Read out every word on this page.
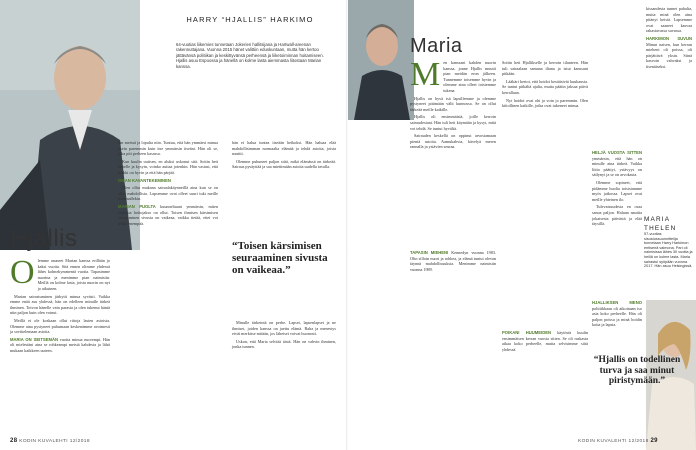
HARRY “HJALLIS” HARKIMO
64-vuotias liikemies tunnetaan Jokerien hallitsijana ja Hartwall-areenan rakennuttajana. Vuonna 2015 hänet valittiin eduskuntaan, mutta hän kertoo jättävänsä politiikan ja keskittyvänsä perheensä ja liiketoiminnan hoitamiseen. Hjallis asuu Espoossa ja hänellä on kolme lasta aiemmasta liitostaan Marian kanssa.

Olemme asuneet Marian kanssa erillään jo kaksi vuotta. Sitä ennen olimme yhdessä lähes kolmekymmentä vuotta. Tapasimme nuorina ja menimme pian naimisiin. Meillä on kolme lasta, joista nuorin on nyt jo aikuinen.

Marian sairastuminen järkytti minua syvästi. Vaikka emme enää asu yhdessä, hän on edelleen minulle tärkeä ihminen. Toivon hänelle vain parasta ja olen tukenut häntä niin paljon kuin olen voinut.

Meillä ei ole koskaan ollut riitoja lasten asioista. Olemme aina pystyneet puhumaan keskenämme avoimesti ja sovittelemaan asioita.

MARIA ON SEITSEMÄN vuotta minua nuorempi. Hän oli mielestäni aina se rohkeampi meistä kahdesta ja lähti mukaan kaikkeen uuteen.

Hjallis

kin meissä ja lopulta niin. Tuntuu, että hän ymmärsi minua usein paremmin kuin itse ymmärsin itseäni. Hän oli se, joka piti perheen kasassa.

Kun kuulin uutisen, en aluksi uskonut sitä. Soitin heti hänelle ja kysyin, voinko auttaa jotenkin. Hän vastasi, että kaikki on hyvin ja että hän pärjää.

OMAN KAVANTEKEMINEN

Olen ollut mukana sairaalakäynneillä aina kun se on ollut mahdollista. Lapsemme ovat olleet suuri tuki meille kummallekin.

MARIAN PUOLTA kuunneltuani ymmärsin, miten raskasta hoitojakso on ollut. Toisen ihmisen kärsimisen seuraaminen sivusta on vaikeaa, vaikka tietää, ettei voi tehdä enempää.

“Toisen kärsimisen seuraaminen sivusta on vaikeaa.”

hän ei halua tuntea itseään heikoksi. Hän haluaa elää mahdollisimman normaalia elämää ja tehdä asioita, joista nauttii.

Olemme puhuneet paljon siitä, mikä elämässä on tärkeää. Sairaus pysäyttää ja saa miettimään asioita uudella tavalla.

Minulle tärkeintä on perhe. Lapset, lapsenlapset ja ne ihmiset, joiden kanssa on jaettu elämä. Raha ja menestys eivät merkitse mitään, jos läheiset voivat huonosti.

Uskon, että Maria selviää tästä. Hän on vahvin ihminen, jonka tunnen.

28 KODIN KUVALEHTI 12/2018
Maria

Men kanssani kahden nuorin kanssa, jonne Hjallis muutti pian meidän eron jälkeen. Tunnemme toisemme hyvin ja olemme aina olleet toistemme tukena.

Hjallis on hyvä isä lapsillemme ja olemme pystyneet pitämään välit kunnossa. Se on ollut tärkeää meille kaikille.

Hjallis oli ensimmäisiä, joille kerroin sairaudestani. Hän tuli heti käymään ja kysyi, mitä voi tehdä. Se tuntui hyvältä.

Sairauden keskellä on oppinut arvostamaan pieniä asioita. Aamukahvia, kävelyä meren rannalla ja ystävien seuraa.

TAPASIN MIEHENI Kennedyn vuonna 1983. Olin silloin nuori ja rohkea, ja elämä tuntui olevan täynnä mahdollisuuksia. Menimme naimisiin vuonna 1989.

Soitin heti Hjallikselle ja kerroin tilanteen. Hän tuli sairaalaan samana iltana ja istui kanssani pitkään.

Lääkäri kertoi, että hoidot kestäisivät kuukausia. Se tuntui pitkältä ajalta, mutta päätin jaksaa päivä kerrallaan.

Nyt hoidot ovat ohi ja voin jo paremmin. Olen kiitollinen kaikille, jotka ovat tukeneet minua.

POIKANI HUUMEIDEN käytöstä kuulin ensimmäisen kerran vuosia sitten. Se oli raskasta aikaa koko perheelle, mutta selvisimme siitä yhdessä.

HELJÄ VUOSTA SITTEN ymmärsin, että hän on minulle aina tärkeä. Vaikka liitto päättyi, ystävyys on säilynyt ja se on arvokasta.

Olemme sopineet, että pidämme huolta toisistamme myös jatkossa. Lapset ovat meille yhteinen ilo.

Tulevaisuudesta en osaa sanoa paljon. Haluan nauttia jokaisesta päivästä ja elää täysillä.

HJALLIKSEN MENO politiikkaan oli aikoinaan iso asia koko perheelle. Hän oli paljon poissa ja minä hoidin kotia ja lapsia.

kissandesta tunnet pahalta, mutta minä olen aina pitänyt heistä. Lapsemme ovat saaneet kasvaa rakastavassa suvussa.

HARKIMON SUVUN Minun naisen, kun kerran mieheni oli poissa, oli pärjättävä yksin. Siinä kasvoin vahvaksi ja itsenäiseksi.

MARIA THELEN
57-vuotias sisustussuunnittelija tunnetaan Harry Harkimon entisenä vaimona. Pari oli naimisissa lähes 30 vuotta ja heillä on kolme lasta. Maria sairastui syöpään vuonna 2017. Hän asuu Helsingissä.
“Hjallis on todellinen turva ja saa minut piristymään.”
KODIN KUVALEHTI 12/2018 29
